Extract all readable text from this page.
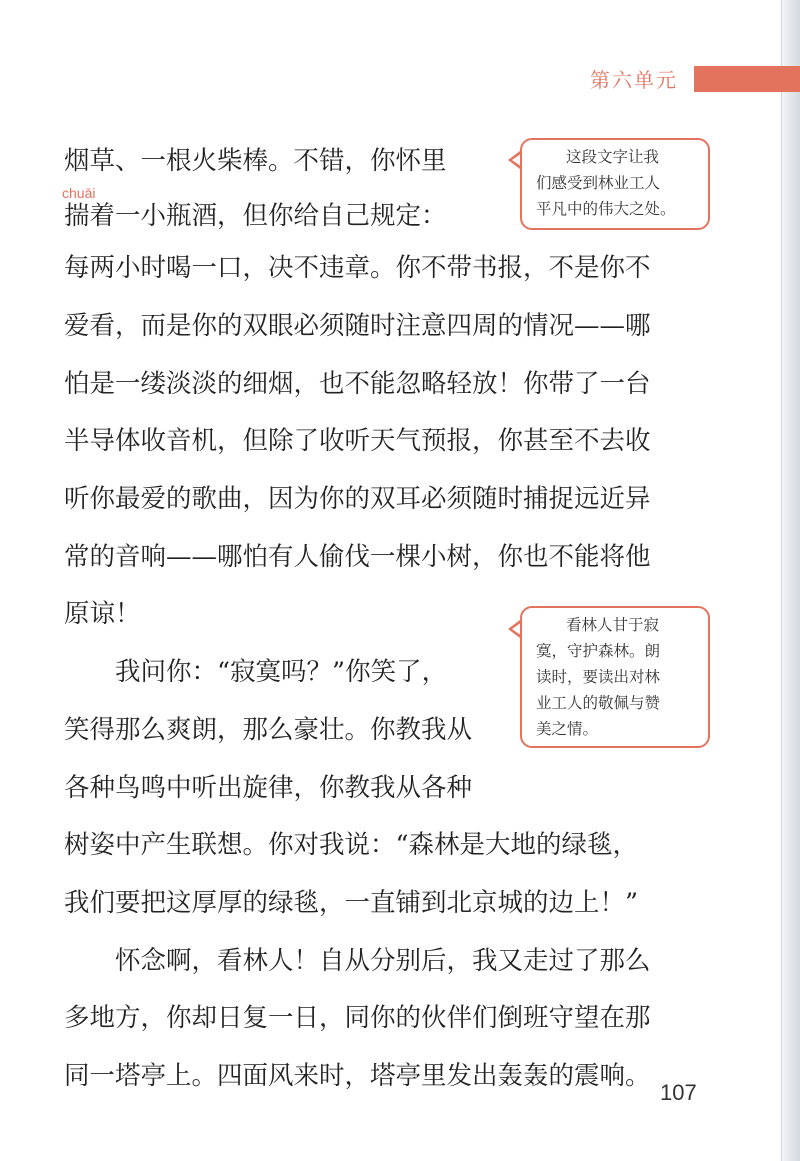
第六单元
chuāi
烟草、一根火柴棒。不错，你怀里
揣着一小瓶酒，但你给自己规定：
每两小时喝一口，决不违章。你不带书报，不是你不
爱看，而是你的双眼必须随时注意四周的情况——哪
怕是一缕淡淡的细烟，也不能忽略轻放！你带了一台
半导体收音机，但除了收听天气预报，你甚至不去收
听你最爱的歌曲，因为你的双耳必须随时捕捉远近异
常的音响——哪怕有人偷伐一棵小树，你也不能将他
原谅！
　　我问你：“寂寞吗？”你笑了，
笑得那么爽朗，那么豪壮。你教我从
各种鸟鸣中听出旋律，你教我从各种
树姿中产生联想。你对我说：“森林是大地的绿毯，
我们要把这厚厚的绿毯，一直铺到北京城的边上！”
　　怀念啊，看林人！自从分别后，我又走过了那么
多地方，你却日复一日，同你的伙伴们倒班守望在那
同一塔亭上。四面风来时，塔亭里发出轰轰的震响。
这段文字让我
们感受到林业工人
平凡中的伟大之处。
看林人甘于寂
寞，守护森林。朗
读时，要读出对林
业工人的敬佩与赞
美之情。
107
